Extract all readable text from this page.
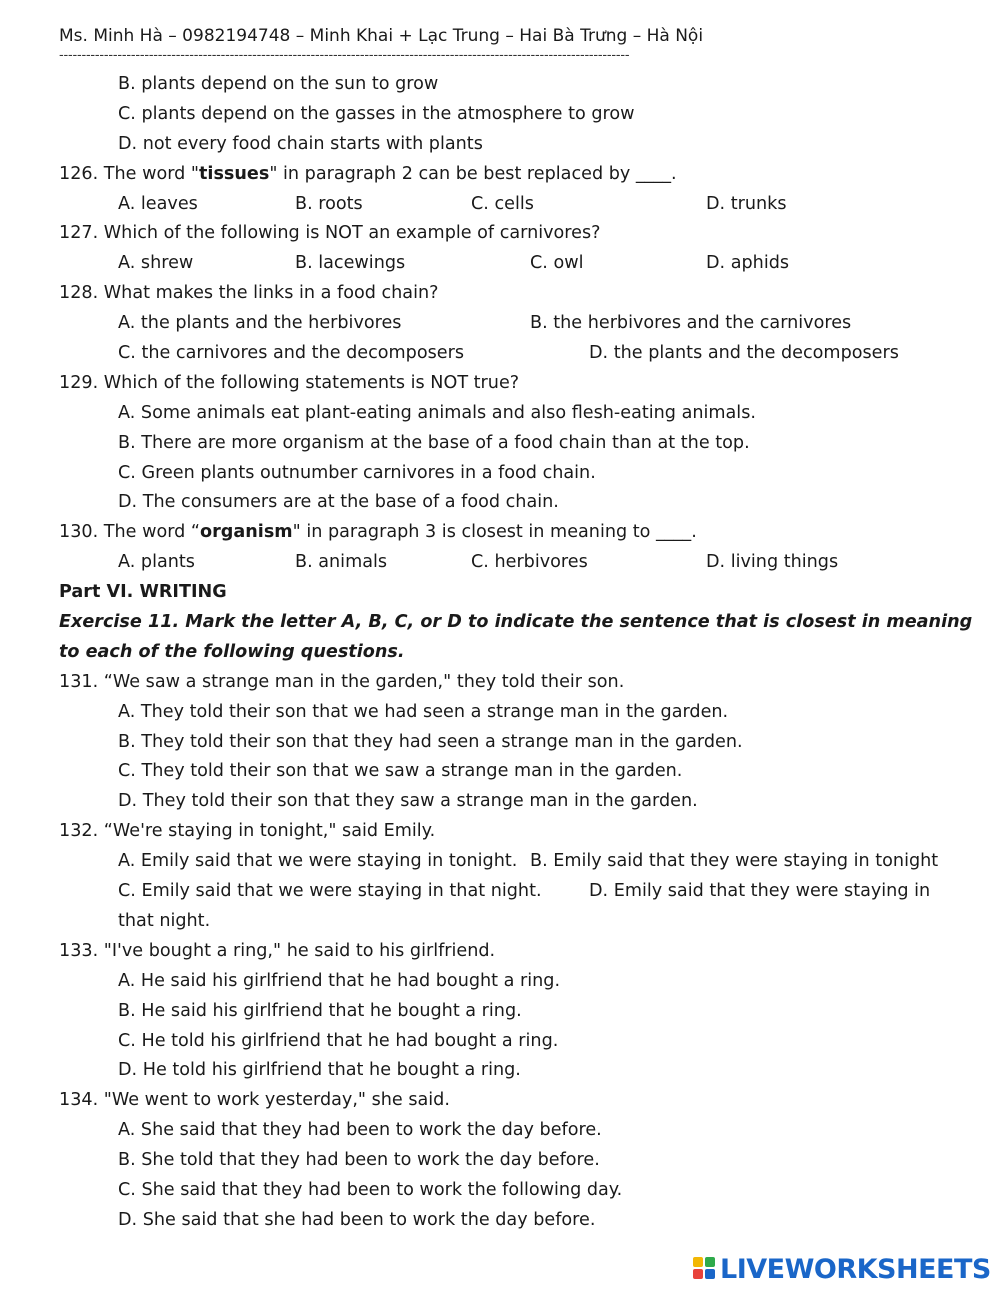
Ms. Minh Hà – 0982194748 – Minh Khai + Lạc Trung – Hai Bà Trưng – Hà Nội
-------------------------------------------------------------------------------------------------------------------------------
B. plants depend on the sun to grow
C. plants depend on the gasses in the atmosphere to grow
D. not every food chain starts with plants
126. The word "tissues" in paragraph 2 can be best replaced by ____.
A. leaves	B. roots	C. cells	D. trunks
127. Which of the following is NOT an example of carnivores?
A. shrew	B. lacewings	C. owl	D. aphids
128. What makes the links in a food chain?
A. the plants and the herbivores	B. the herbivores and the carnivores
C. the carnivores and the decomposers	D. the plants and the decomposers
129. Which of the following statements is NOT true?
A. Some animals eat plant-eating animals and also flesh-eating animals.
B. There are more organism at the base of a food chain than at the top.
C. Green plants outnumber carnivores in a food chain.
D. The consumers are at the base of a food chain.
130. The word “organism" in paragraph 3 is closest in meaning to ____.
A. plants	B. animals	C. herbivores	D. living things
Part VI. WRITING
Exercise 11. Mark the letter A, B, C, or D to indicate the sentence that is closest in meaning
to each of the following questions.
131. “We saw a strange man in the garden," they told their son.
A. They told their son that we had seen a strange man in the garden.
B. They told their son that they had seen a strange man in the garden.
C. They told their son that we saw a strange man in the garden.
D. They told their son that they saw a strange man in the garden.
132. “We're staying in tonight," said Emily.
A. Emily said that we were staying in tonight. B. Emily said that they were staying in tonight
C. Emily said that we were staying in that night.	D. Emily said that they were staying in
that night.
133. "I've bought a ring," he said to his girlfriend.
A. He said his girlfriend that he had bought a ring.
B. He said his girlfriend that he bought a ring.
C. He told his girlfriend that he had bought a ring.
D. He told his girlfriend that he bought a ring.
134. "We went to work yesterday," she said.
A. She said that they had been to work the day before.
B. She told that they had been to work the day before.
C. She said that they had been to work the following day.
D. She said that she had been to work the day before.
LIVEWORKSHEETS
